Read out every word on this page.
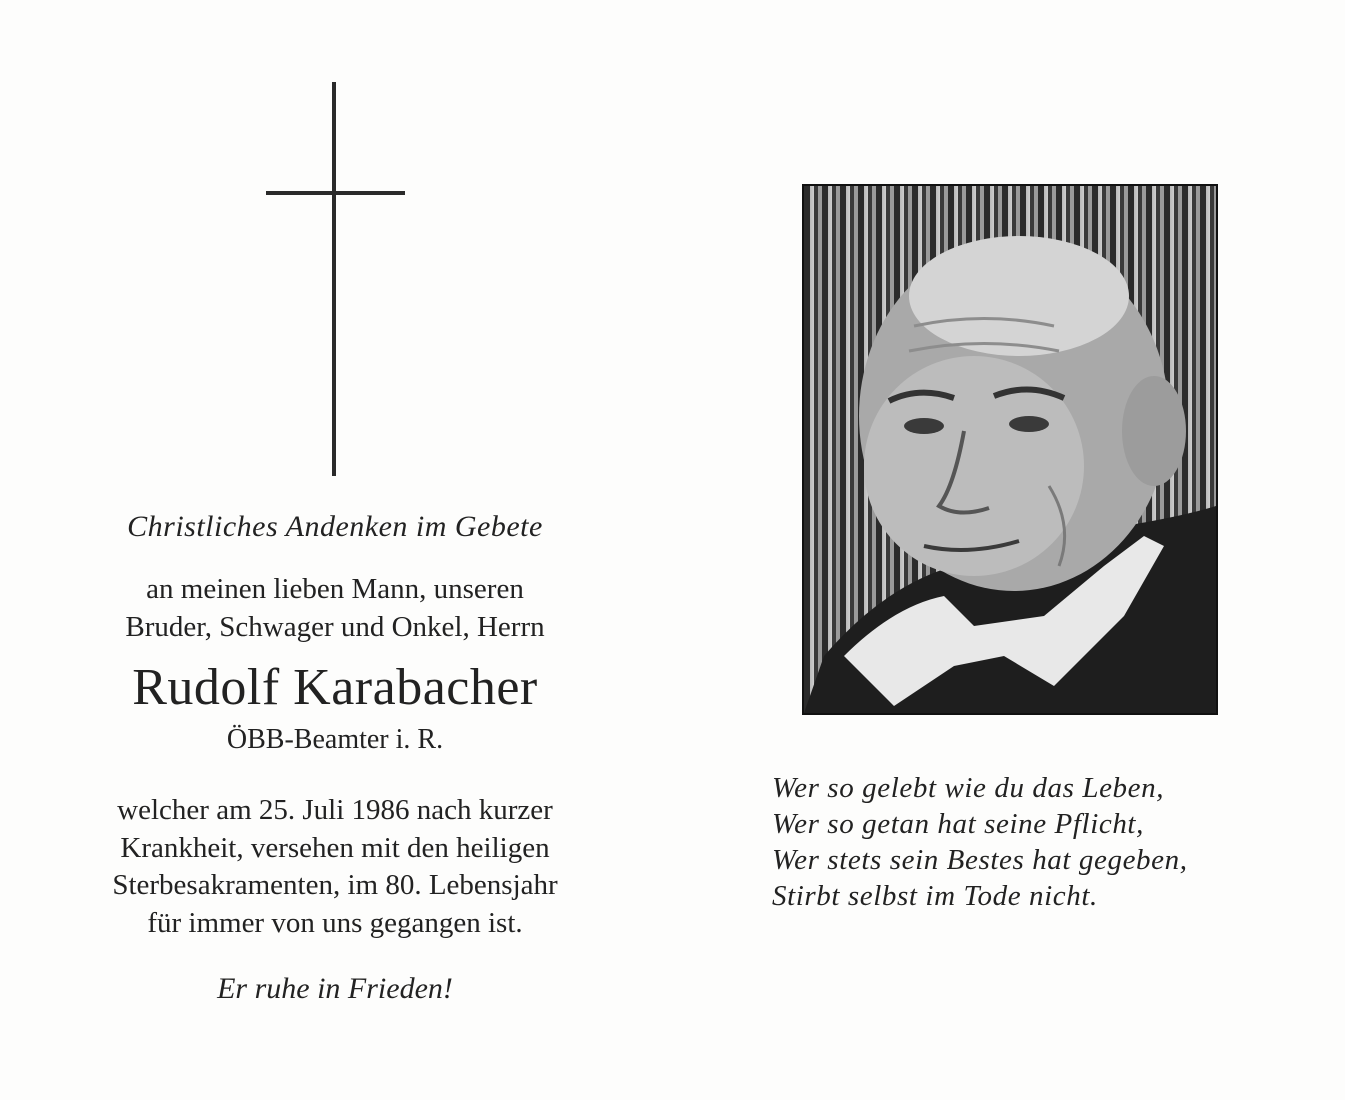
Christliches Andenken im Gebete
an meinen lieben Mann, unseren
Bruder, Schwager und Onkel, Herrn
Rudolf Karabacher
ÖBB-Beamter i. R.
welcher am 25. Juli 1986 nach kurzer
Krankheit, versehen mit den heiligen
Sterbesakramenten, im 80. Lebensjahr
für immer von uns gegangen ist.
Er ruhe in Frieden!
Wer so gelebt wie du das Leben,
Wer so getan hat seine Pflicht,
Wer stets sein Bestes hat gegeben,
Stirbt selbst im Tode nicht.
